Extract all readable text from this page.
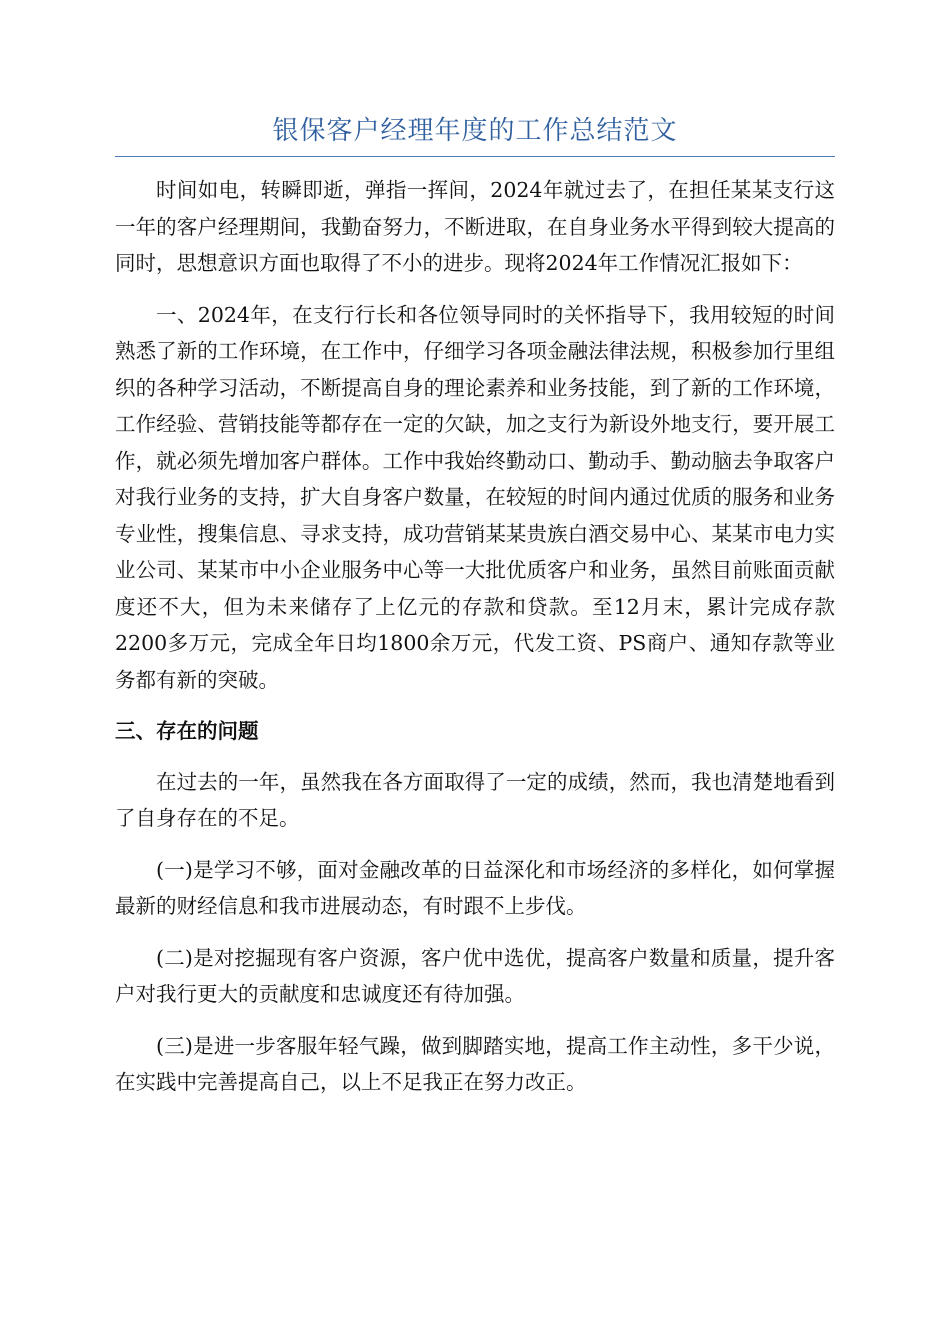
银保客户经理年度的工作总结范文

时间如电，转瞬即逝，弹指一挥间，2024年就过去了，在担任某某支行这一年的客户经理期间，我勤奋努力，不断进取，在自身业务水平得到较大提高的同时，思想意识方面也取得了不小的进步。现将2024年工作情况汇报如下：

一、2024年，在支行行长和各位领导同时的关怀指导下，我用较短的时间熟悉了新的工作环境，在工作中，仔细学习各项金融法律法规，积极参加行里组织的各种学习活动，不断提高自身的理论素养和业务技能，到了新的工作环境，工作经验、营销技能等都存在一定的欠缺，加之支行为新设外地支行，要开展工作，就必须先增加客户群体。工作中我始终勤动口、勤动手、勤动脑去争取客户对我行业务的支持，扩大自身客户数量，在较短的时间内通过优质的服务和业务专业性，搜集信息、寻求支持，成功营销某某贵族白酒交易中心、某某市电力实业公司、某某市中小企业服务中心等一大批优质客户和业务，虽然目前账面贡献度还不大，但为未来储存了上亿元的存款和贷款。至12月末，累计完成存款2200多万元，完成全年日均1800余万元，代发工资、PS商户、通知存款等业务都有新的突破。

三、存在的问题

在过去的一年，虽然我在各方面取得了一定的成绩，然而，我也清楚地看到了自身存在的不足。

(一)是学习不够，面对金融改革的日益深化和市场经济的多样化，如何掌握最新的财经信息和我市进展动态，有时跟不上步伐。

(二)是对挖掘现有客户资源，客户优中选优，提高客户数量和质量，提升客户对我行更大的贡献度和忠诚度还有待加强。

(三)是进一步客服年轻气躁，做到脚踏实地，提高工作主动性，多干少说，在实践中完善提高自己，以上不足我正在努力改正。
